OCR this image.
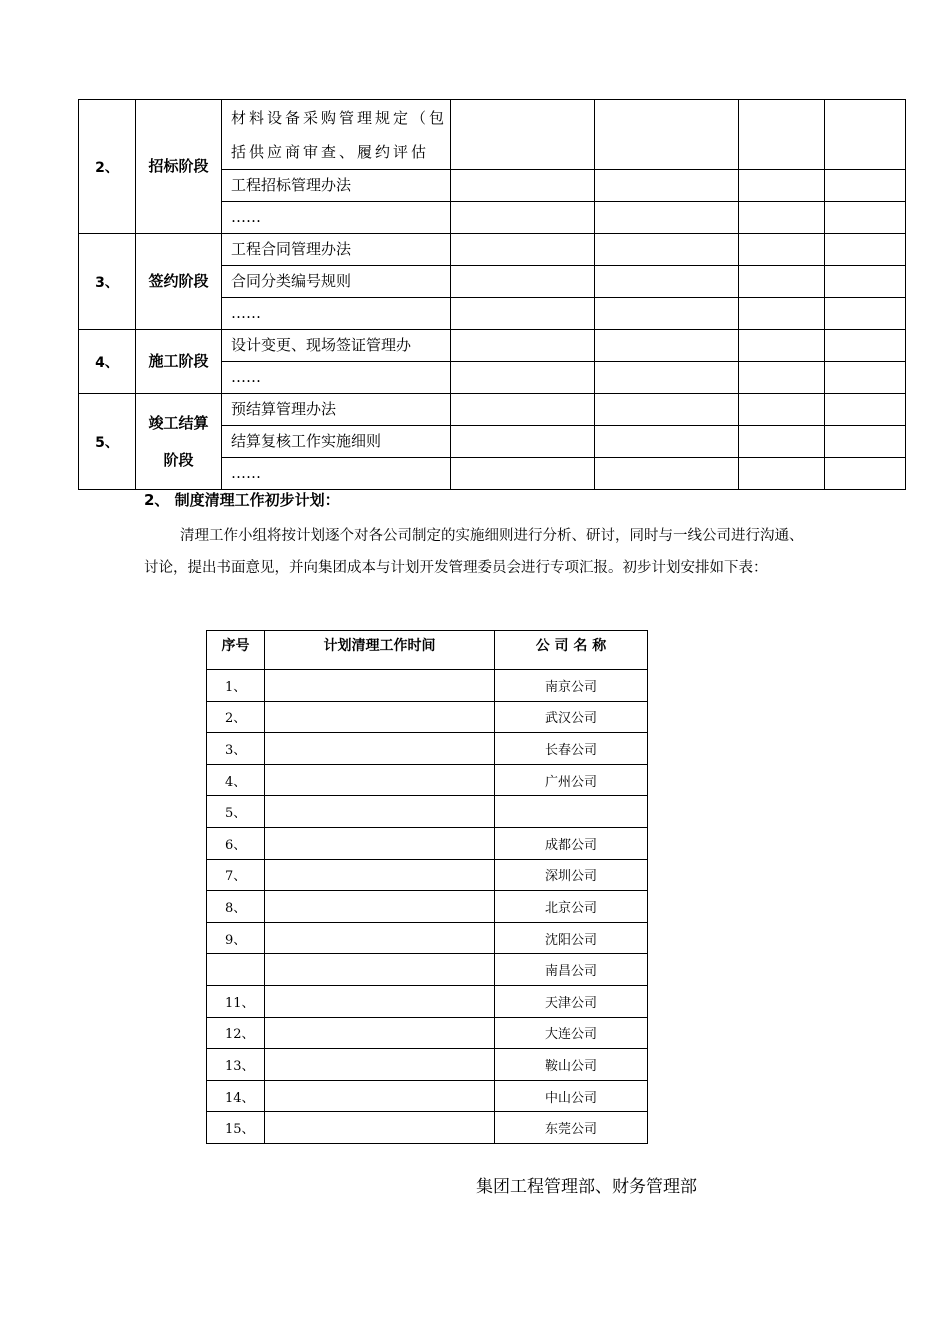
2、	招标阶段	材料设备采购管理规定（包括供应商审查、履约评估				
		工程招标管理办法				
		……				
3、	签约阶段	工程合同管理办法				
		合同分类编号规则				
		……				
4、	施工阶段	设计变更、现场签证管理办				
		……				
5、	竣工结算阶段	预结算管理办法				
		结算复核工作实施细则				
		……				

2、 制度清理工作初步计划：

清理工作小组将按计划逐个对各公司制定的实施细则进行分析、研讨，同时与一线公司进行沟通、讨论，提出书面意见，并向集团成本与计划开发管理委员会进行专项汇报。初步计划安排如下表：

序号	计划清理工作时间	公 司 名 称
1、		南京公司
2、		武汉公司
3、		长春公司
4、		广州公司
5、		
6、		成都公司
7、		深圳公司
8、		北京公司
9、		沈阳公司
		南昌公司
11、		天津公司
12、		大连公司
13、		鞍山公司
14、		中山公司
15、		东莞公司

集团工程管理部、财务管理部
